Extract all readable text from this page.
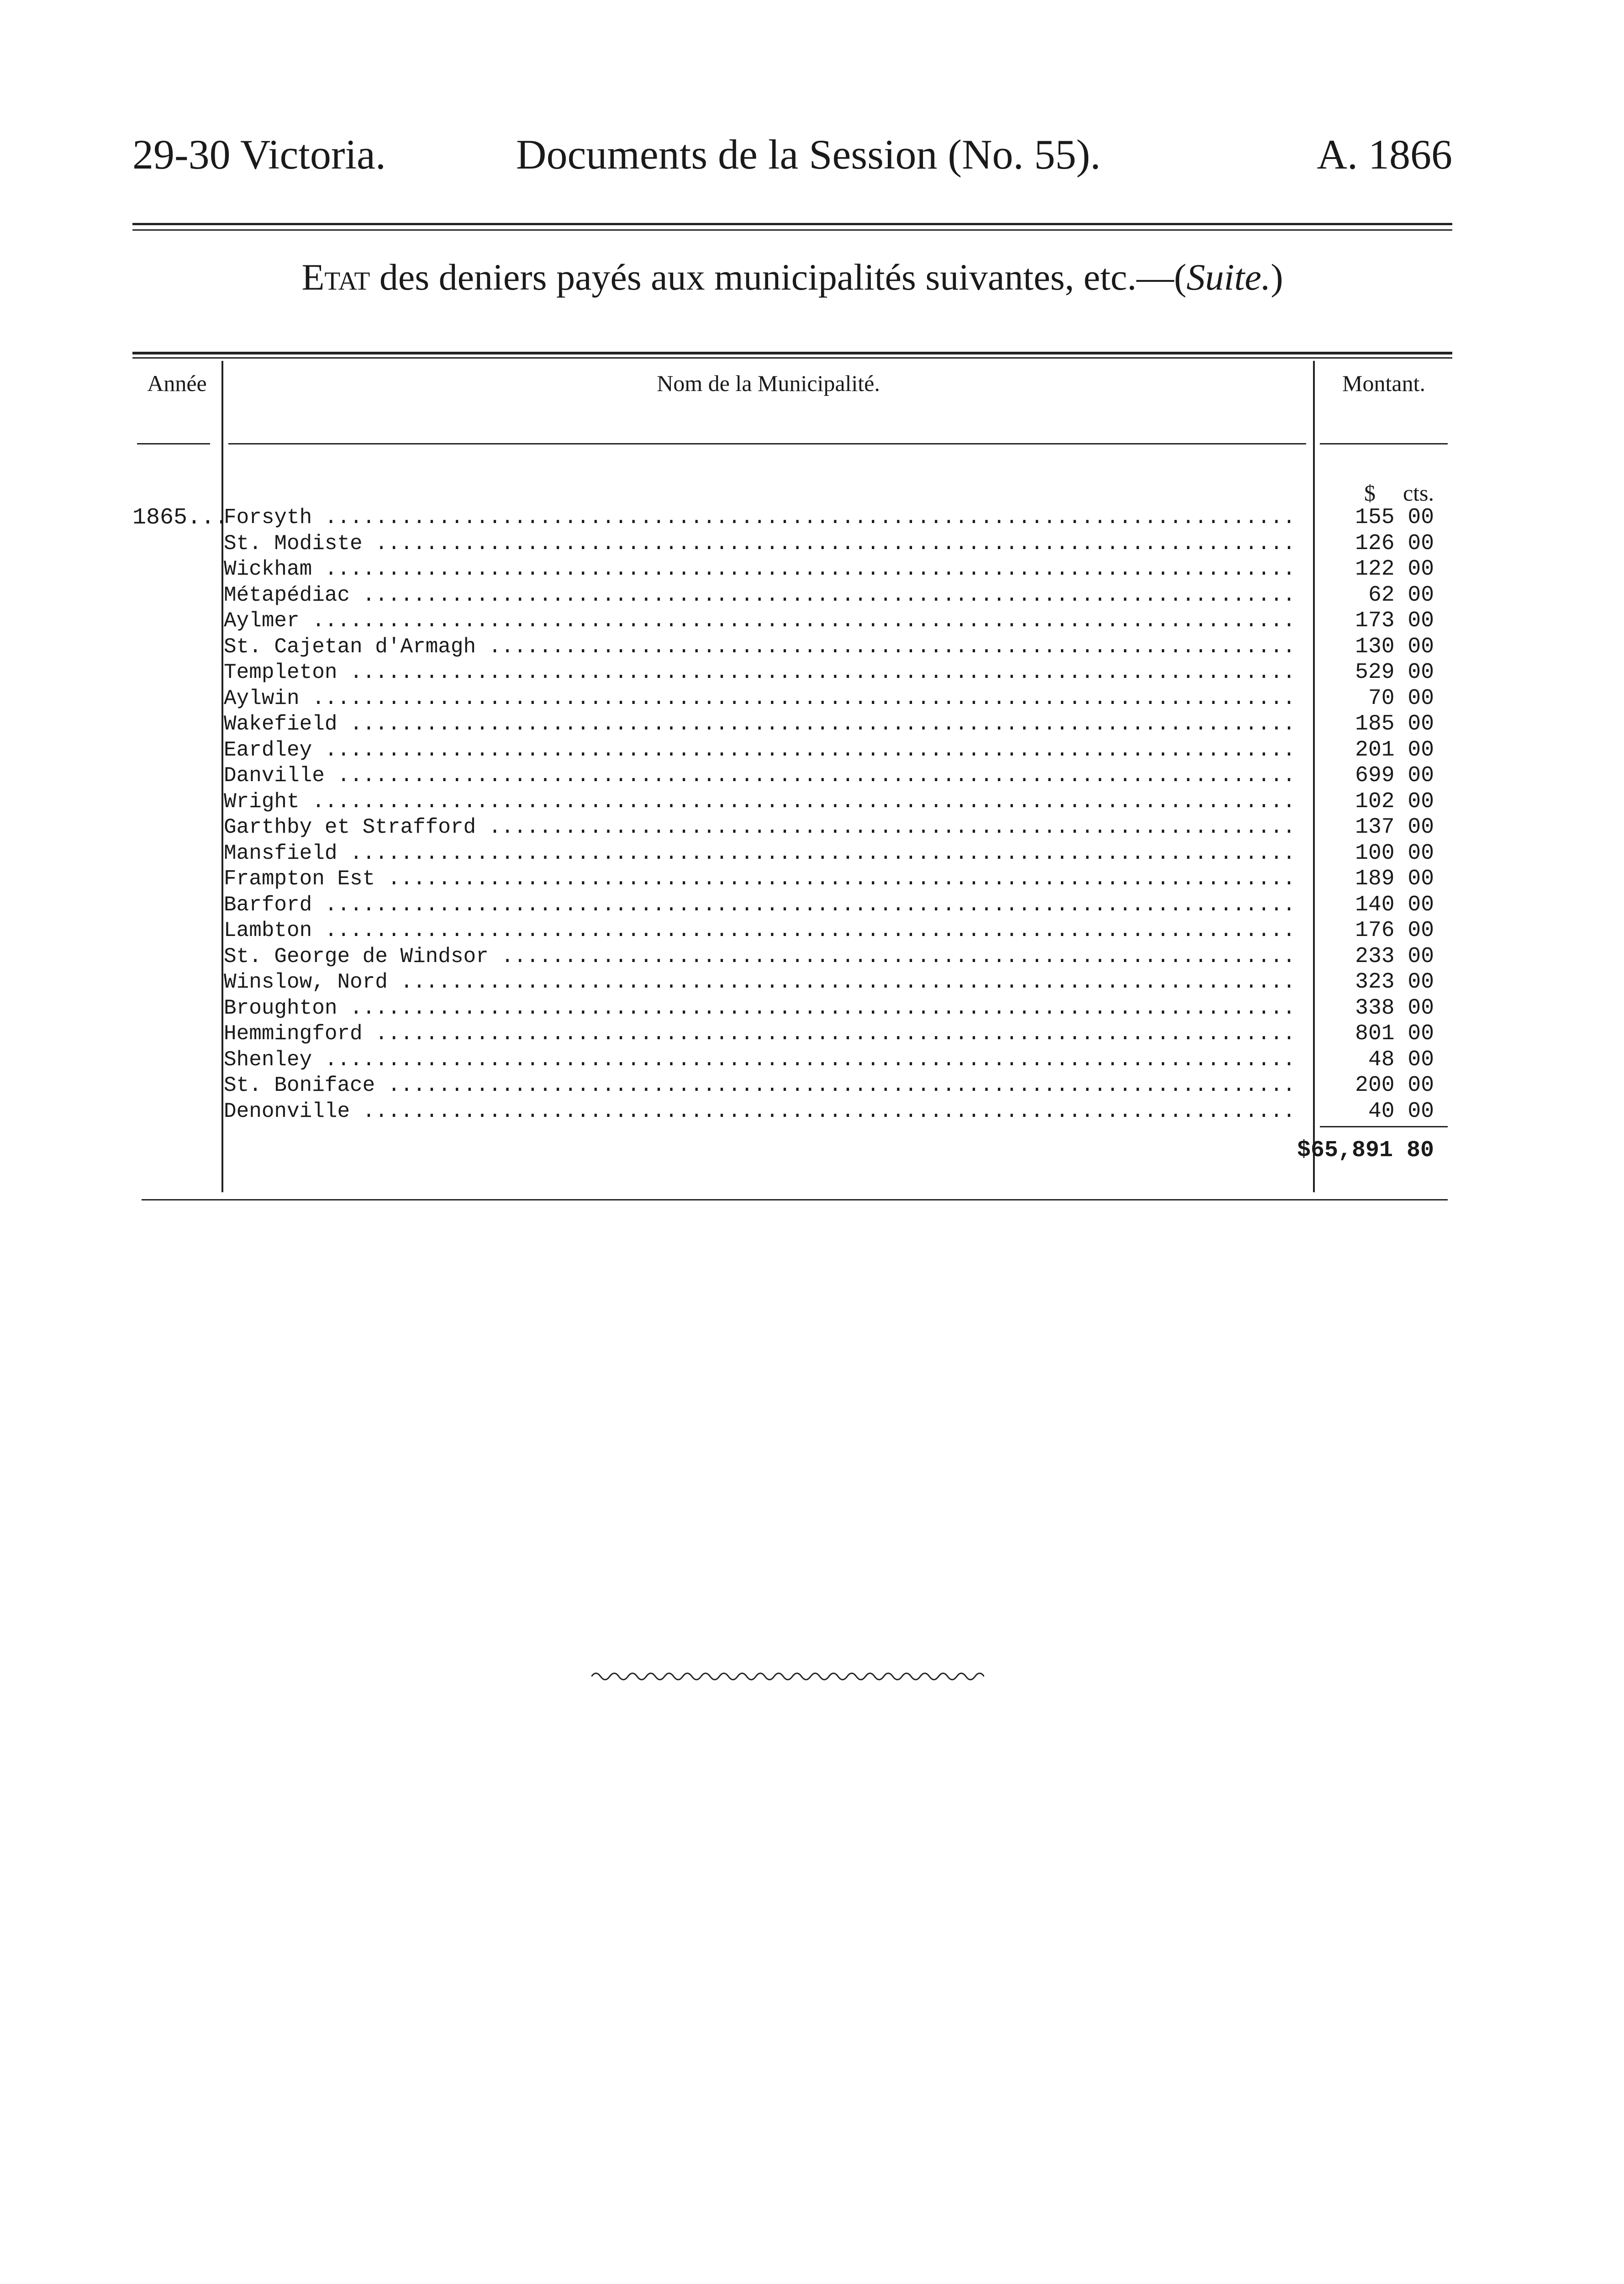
29-30 Victoria.	Documents de la Session (No. 55).	A. 1866
Etat des deniers payés aux municipalités suivantes, etc.—(Suite.)
Année	Nom de la Municipalité.	Montant.
$ cts.
1865...
Forsyth .....	155 00
St. Modiste .....	126 00
Wickham .....	122 00
Métapédiac .....	62 00
Aylmer .....	173 00
St. Cajetan d'Armagh .....	130 00
Templeton .....	529 00
Aylwin .....	70 00
Wakefield .....	185 00
Eardley .....	201 00
Danville .....	699 00
Wright .....	102 00
Garthby et Strafford .....	137 00
Mansfield .....	100 00
Frampton Est .....	189 00
Barford .....	140 00
Lambton .....	176 00
St. George de Windsor .....	233 00
Winslow, Nord .....	323 00
Broughton .....	338 00
Hemmingford .....	801 00
Shenley .....	48 00
St. Boniface .....	200 00
Denonville .....	40 00
$65,891 80
